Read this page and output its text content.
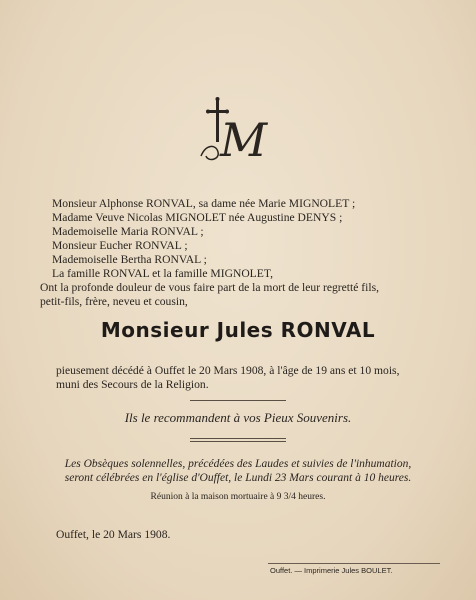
M
Monsieur Alphonse RONVAL, sa dame née Marie MIGNOLET ;
Madame Veuve Nicolas MIGNOLET née Augustine DENYS ;
Mademoiselle Maria RONVAL ;
Monsieur Eucher RONVAL ;
Mademoiselle Bertha RONVAL ;
La famille RONVAL et la famille MIGNOLET,
Ont la profonde douleur de vous faire part de la mort de leur regretté fils,
petit-fils, frère, neveu et cousin,
Monsieur Jules RONVAL
pieusement décédé à Ouffet le 20 Mars 1908, à l'âge de 19 ans et 10 mois,
muni des Secours de la Religion.
Ils le recommandent à vos Pieux Souvenirs.
Les Obsèques solennelles, précédées des Laudes et suivies de l'inhumation,
seront célébrées en l'église d'Ouffet, le Lundi 23 Mars courant à 10 heures.
Réunion à la maison mortuaire à 9 3/4 heures.
Ouffet, le 20 Mars 1908.
Ouffet. — Imprimerie Jules BOULET.
